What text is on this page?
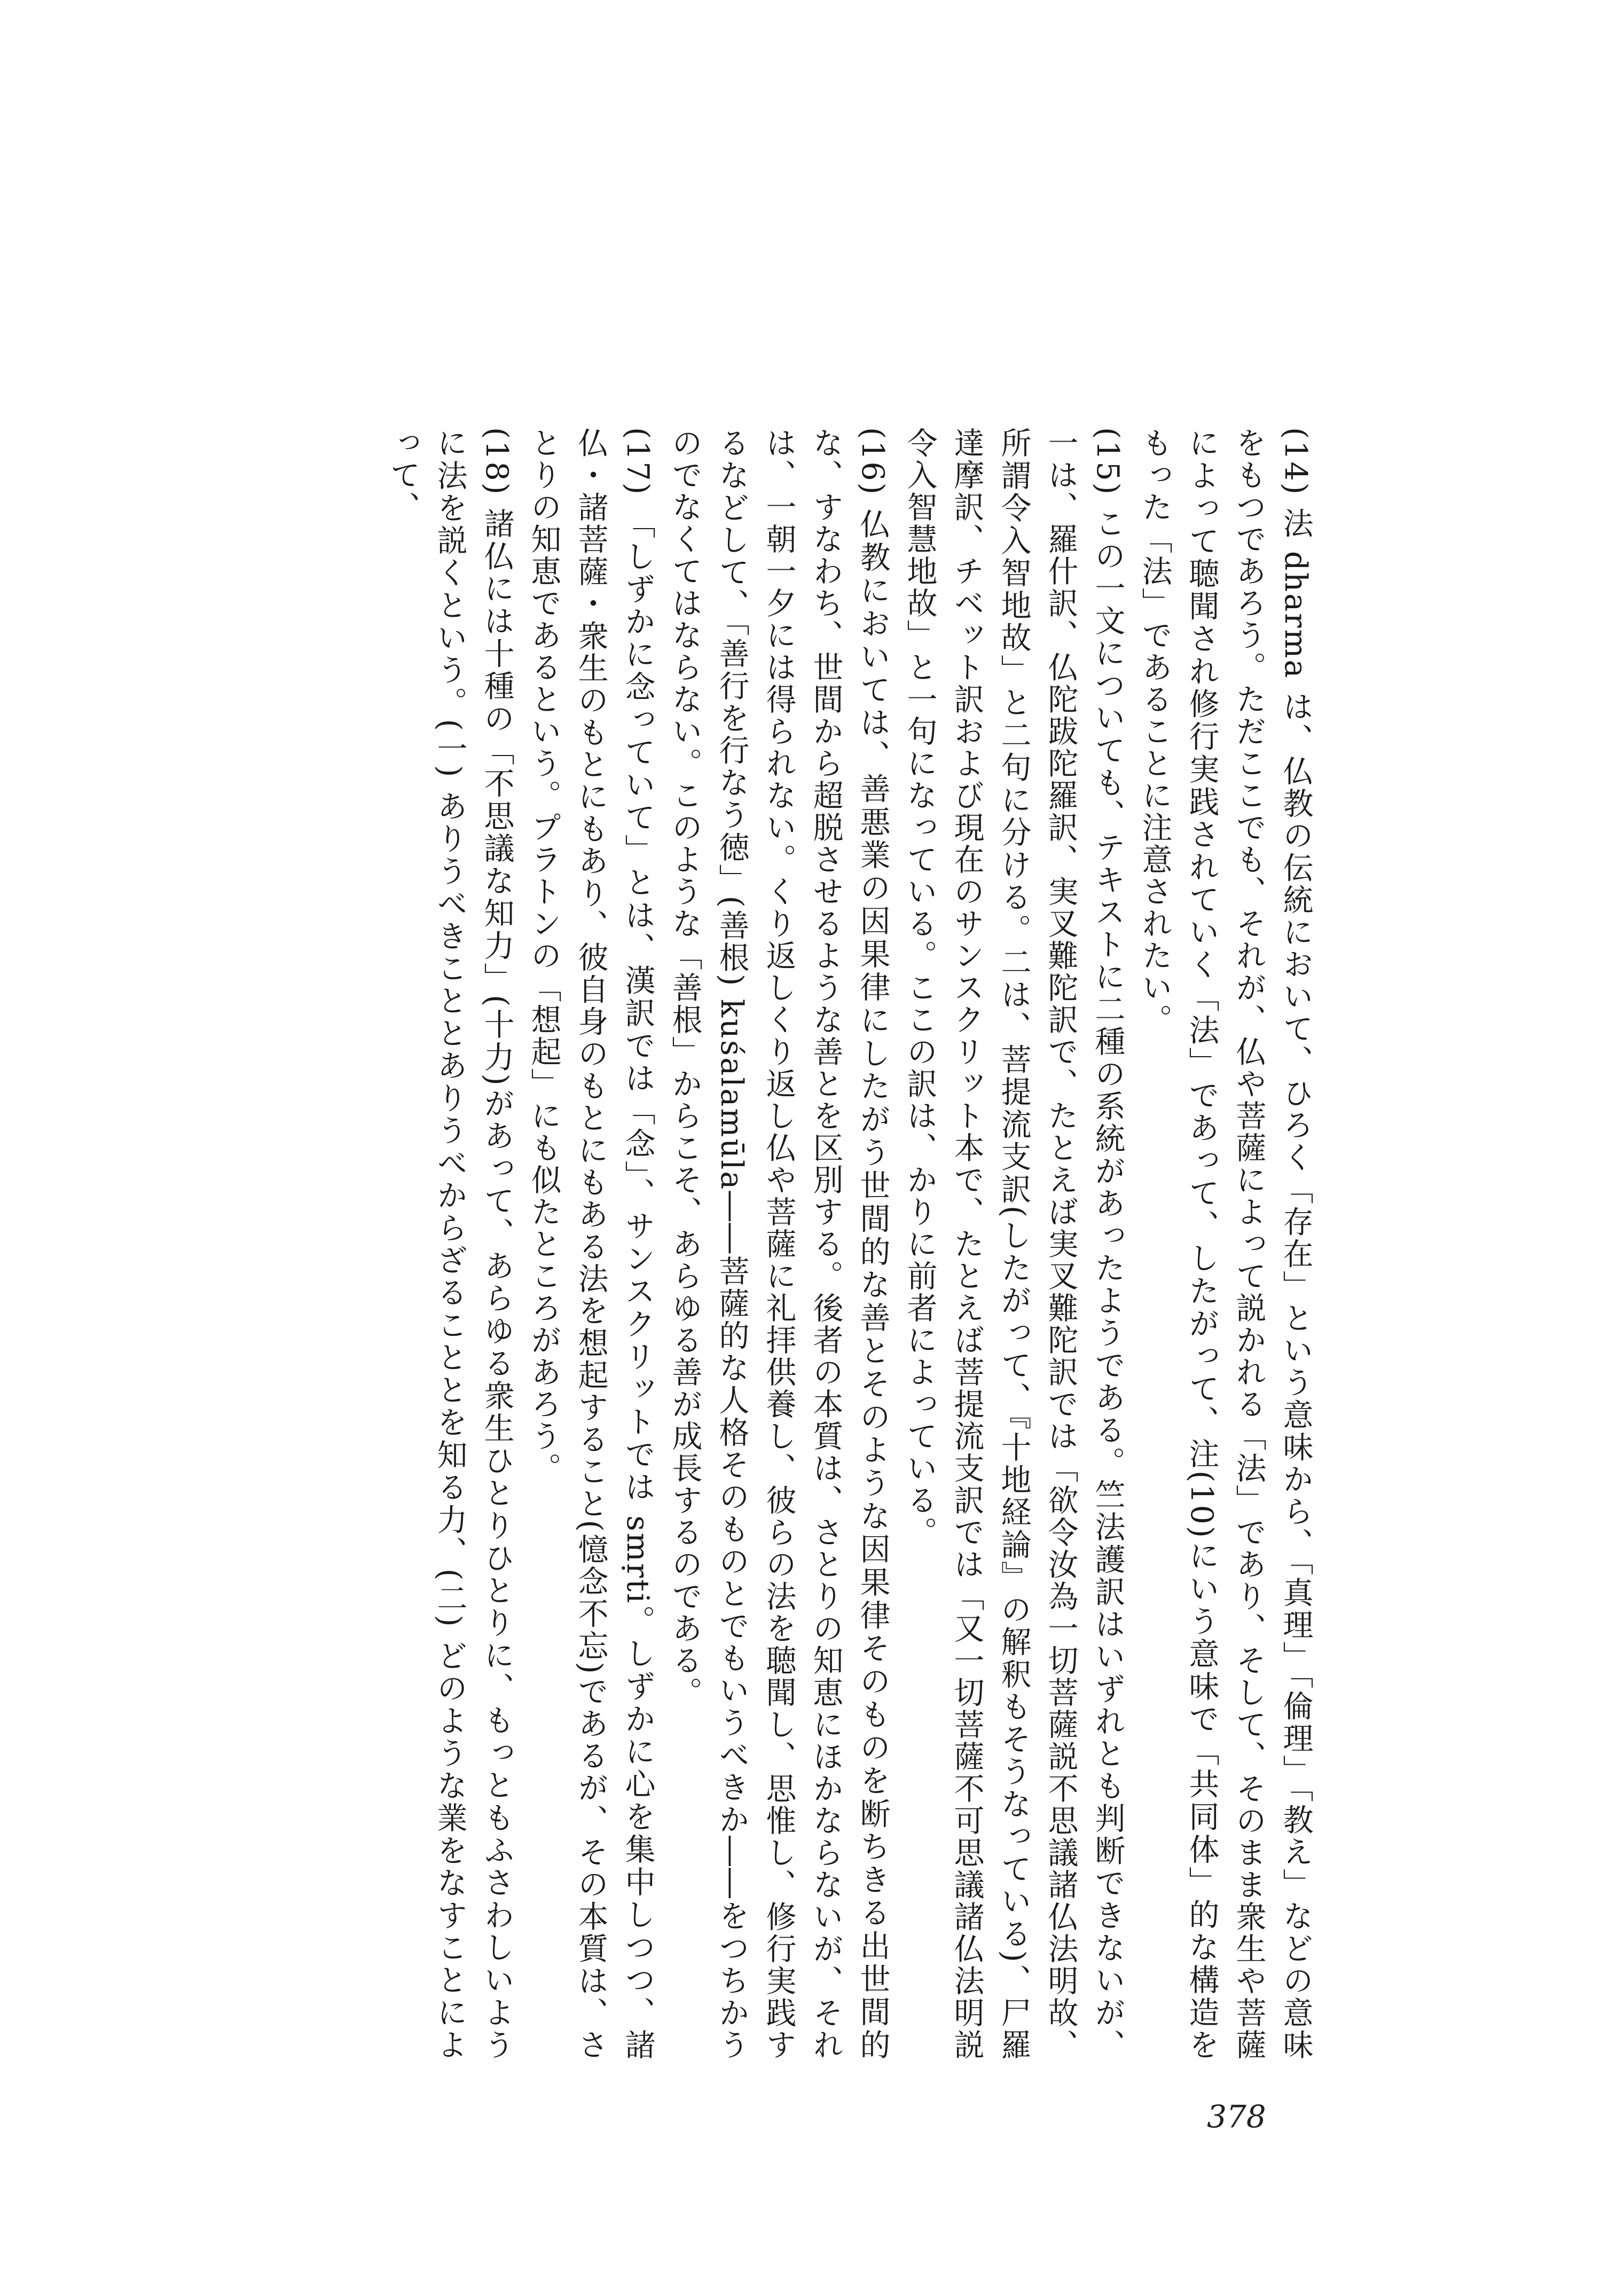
(14) 法 dharma は、仏教の伝統において、ひろく「存在」という意味から、「真理」「倫理」「教え」などの意味をもつであろう。ただここでも、それが、仏や菩薩によって説かれる「法」であり、そして、そのまま衆生や菩薩によって聴聞され修行実践されていく「法」であって、したがって、注(10)にいう意味で「共同体」的な構造をもった「法」であることに注意されたい。

(15) この一文についても、テキストに二種の系統があったようである。竺法護訳はいずれとも判断できないが、一は、羅什訳、仏陀跋陀羅訳、実叉難陀訳で、たとえば実叉難陀訳では「欲令汝為一切菩薩説不思議諸仏法明故、所謂令入智地故」と二句に分ける。二は、菩提流支訳(したがって、『十地経論』の解釈もそうなっている)、尸羅達摩訳、チベット訳および現在のサンスクリット本で、たとえば菩提流支訳では「又一切菩薩不可思議諸仏法明説令入智慧地故」と一句になっている。ここの訳は、かりに前者によっている。

(16) 仏教においては、善悪業の因果律にしたがう世間的な善とそのような因果律そのものを断ちきる出世間的な、すなわち、世間から超脱させるような善とを区別する。後者の本質は、さとりの知恵にほかならないが、それは、一朝一夕には得られない。くり返しくり返し仏や菩薩に礼拝供養し、彼らの法を聴聞し、思惟し、修行実践するなどして、「善行を行なう徳」(善根) kuśalamūla――菩薩的な人格そのものとでもいうべきか――をつちかうのでなくてはならない。このような「善根」からこそ、あらゆる善が成長するのである。

(17) 「しずかに念っていて」とは、漢訳では「念」、サンスクリットでは smṛti。しずかに心を集中しつつ、諸仏・諸菩薩・衆生のもとにもあり、彼自身のもとにもある法を想起すること(憶念不忘)であるが、その本質は、さとりの知恵であるという。プラトンの「想起」にも似たところがあろう。

(18) 諸仏には十種の「不思議な知力」(十力)があって、あらゆる衆生ひとりひとりに、もっともふさわしいように法を説くという。(一) ありうべきこととありうべからざることとを知る力、(二) どのような業をなすことによって、

378
